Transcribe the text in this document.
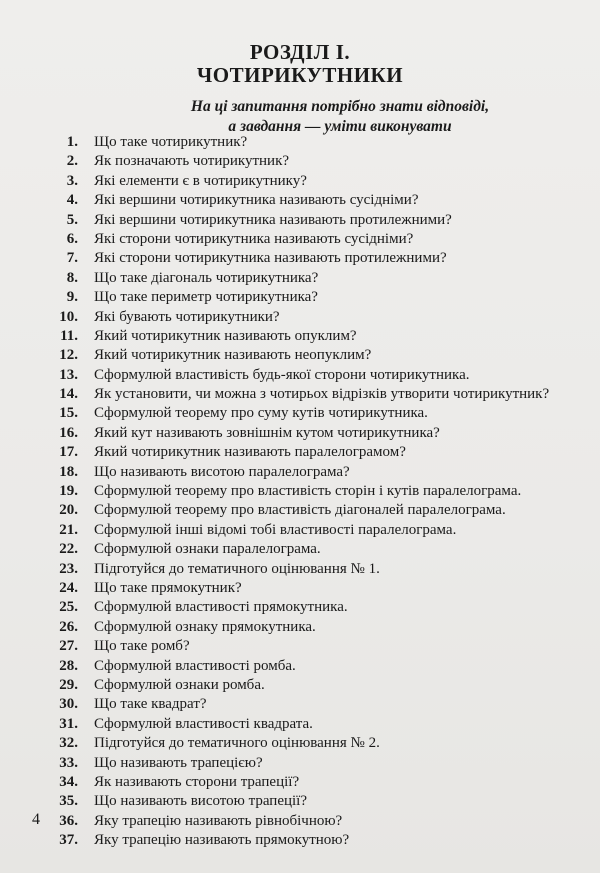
РОЗДІЛ І.
ЧОТИРИКУТНИКИ
На ці запитання потрібно знати відповіді,
а завдання — уміти виконувати
1. Що таке чотирикутник?
2. Як позначають чотирикутник?
3. Які елементи є в чотирикутнику?
4. Які вершини чотирикутника називають сусідніми?
5. Які вершини чотирикутника називають протилежними?
6. Які сторони чотирикутника називають сусідніми?
7. Які сторони чотирикутника називають протилежними?
8. Що таке діагональ чотирикутника?
9. Що таке периметр чотирикутника?
10. Які бувають чотирикутники?
11. Який чотирикутник називають опуклим?
12. Який чотирикутник називають неопуклим?
13. Сформулюй властивість будь-якої сторони чотирикутника.
14. Як установити, чи можна з чотирьох відрізків утворити чотирикутник?
15. Сформулюй теорему про суму кутів чотирикутника.
16. Який кут називають зовнішнім кутом чотирикутника?
17. Який чотирикутник називають паралелограмом?
18. Що називають висотою паралелограма?
19. Сформулюй теорему про властивість сторін і кутів паралелограма.
20. Сформулюй теорему про властивість діагоналей паралелограма.
21. Сформулюй інші відомі тобі властивості паралелограма.
22. Сформулюй ознаки паралелограма.
23. Підготуйся до тематичного оцінювання № 1.
24. Що таке прямокутник?
25. Сформулюй властивості прямокутника.
26. Сформулюй ознаку прямокутника.
27. Що таке ромб?
28. Сформулюй властивості ромба.
29. Сформулюй ознаки ромба.
30. Що таке квадрат?
31. Сформулюй властивості квадрата.
32. Підготуйся до тематичного оцінювання № 2.
33. Що називають трапецією?
34. Як називають сторони трапеції?
35. Що називають висотою трапеції?
36. Яку трапецію називають рівнобічною?
37. Яку трапецію називають прямокутною?
4
